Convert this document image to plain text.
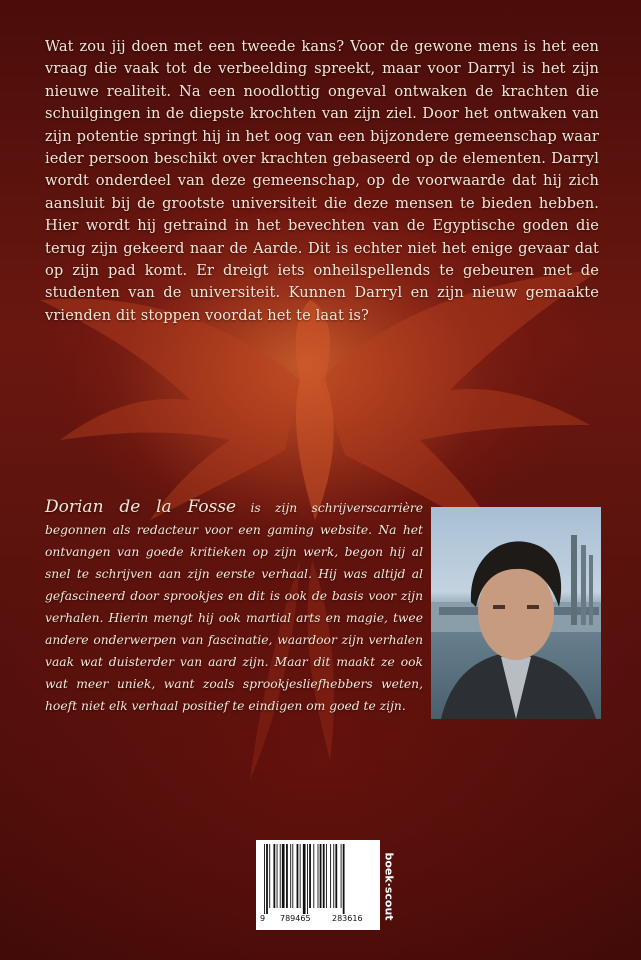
Wat zou jij doen met een tweede kans? Voor de gewone mens is het een vraag die vaak tot de verbeelding spreekt, maar voor Darryl is het zijn nieuwe realiteit. Na een noodlottig ongeval ontwaken de krachten die schuilgingen in de diepste krochten van zijn ziel. Door het ontwaken van zijn potentie springt hij in het oog van een bijzondere gemeenschap waar ieder persoon beschikt over krachten gebaseerd op de elementen. Darryl wordt onderdeel van deze gemeenschap, op de voorwaarde dat hij zich aansluit bij de grootste universiteit die deze mensen te bieden hebben. Hier wordt hij getraind in het bevechten van de Egyptische goden die terug zijn gekeerd naar de Aarde. Dit is echter niet het enige gevaar dat op zijn pad komt. Er dreigt iets onheilspellends te gebeuren met de studenten van de universiteit. Kunnen Darryl en zijn nieuw gemaakte vrienden dit stoppen voordat het te laat is?

Dorian de la Fosse is zijn schrijverscarrière begonnen als redacteur voor een gaming website. Na het ontvangen van goede kritieken op zijn werk, begon hij al snel te schrijven aan zijn eerste verhaal. Hij was altijd al gefascineerd door sprookjes en dit is ook de basis voor zijn verhalen. Hierin mengt hij ook martial arts en magie, twee andere onderwerpen van fascinatie, waardoor zijn verhalen vaak wat duisterder van aard zijn. Maar dit maakt ze ook wat meer uniek, want zoals sprookjesliefhebbers weten, hoeft niet elk verhaal positief te eindigen om goed te zijn.

9 789465	283616 boek·scout
